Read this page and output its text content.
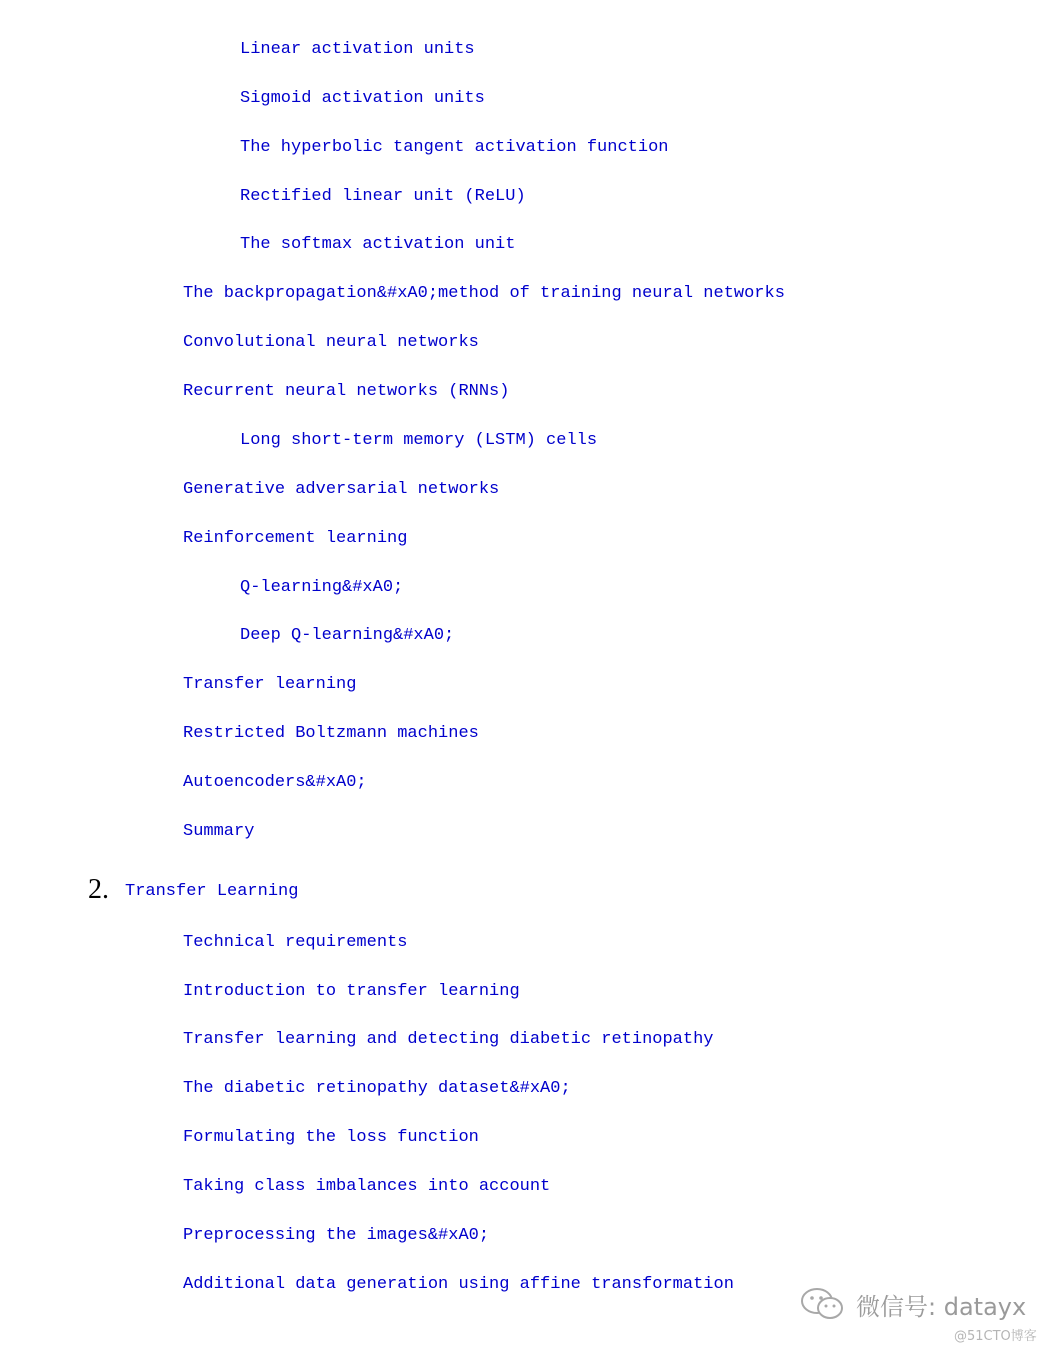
Linear activation units
Sigmoid activation units
The hyperbolic tangent activation function
Rectified linear unit (ReLU)
The softmax activation unit
The backpropagation&#xA0;method of training neural networks
Convolutional neural networks
Recurrent neural networks (RNNs)
Long short-term memory (LSTM) cells
Generative adversarial networks
Reinforcement learning
Q-learning&#xA0;
Deep Q-learning&#xA0;
Transfer learning
Restricted Boltzmann machines
Autoencoders&#xA0;
Summary
2. Transfer Learning
Technical requirements
Introduction to transfer learning
Transfer learning and detecting diabetic retinopathy
The diabetic retinopathy dataset&#xA0;
Formulating the loss function
Taking class imbalances into account
Preprocessing the images&#xA0;
Additional data generation using affine transformation
微信号: datayx
@51CTO博客
